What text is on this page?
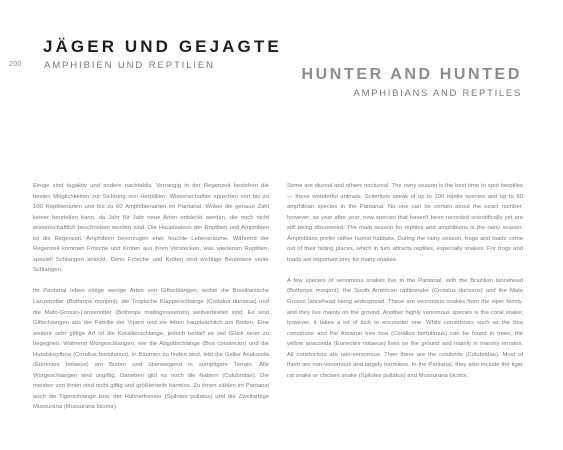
200
JÄGER UND GEJAGTE
AMPHIBIEN UND REPTILIEN
HUNTER AND HUNTED
AMPHIBIANS AND REPTILES

Einige sind tagaktiv und andere nachtaktiv. Vorrangig in der Regenzeit bestehen die besten Möglichkeiten zur Sichtung von Herptilien. Wissenschaftler sprechen von bis zu 100 Reptilienarten und bis zu 60 Amphibienarten im Pantanal. Wobei die genaue Zahl keiner beurteilen kann, da Jahr für Jahr neue Arten entdeckt werden, die noch nicht wissenschaftlich beschrieben worden sind. Die Hauptsaison der Reptilien und Amphibien ist die Regenzeit. Amphibien bevorzugen eher feuchte Lebensräume. Während der Regenzeit kommen Frösche und Kröten aus ihren Verstecken, was wiederum Reptilien, speziell Schlangen anlockt. Denn Frösche und Kröten sind wichtige Beutetiere vieler Schlangen.

Im Pantanal leben einige wenige Arten von Giftschlangen, wobei die Brasilianische Lanzenotter (Bothrops moojeni), die Tropische Klapperschlange (Crotalus durissus) und die Mato-Grosso-Lanzenotter (Bothrops mattogrossensis) weitverbreitet sind. Es sind Giftschlangen aus der Familie der Vipern und sie leben hauptsächlich am Boden. Eine weitere sehr giftige Art ist die Korallenschlange, jedoch bedarf es viel Glück einer zu begegnen. Während Würgeschlangen, wie die Abgottschlange (Boa constrictor) und die Hundskopfboa (Corallus hortulanus), in Bäumen zu finden sind, lebt die Gelbe Anakonda (Eunectes notaeus) am Boden und überwiegend in sumpfigem Terrain. Alle Würgeschlangen sind ungiftig. Daneben gibt es noch die Nattern (Colubridae). Die meisten von ihnen sind nicht giftig und größtenteils harmlos. Zu ihnen zählen im Pantanal auch die Tigerschlange bzw. der Hühnerfresser (Spilotes pullatus) und die Zweifarbige Mussurana (Mussurana bicolor).

Some are diurnal and others nocturnal. The rainy season is the best time to spot herptiles — these wonderful animals. Scientists speak of up to 100 reptile species and up to 60 amphibian species in the Pantanal. No one can be certain about the exact number, however, as year after year, new species that haven't been recorded scientifically yet are still being discovered. The main season for reptiles and amphibians is the rainy season. Amphibians prefer rather humid habitats. During the rainy season, frogs and toads come out of their hiding places, which in turn attracts reptiles, especially snakes. For frogs and toads are important prey for many snakes.

A few species of venomous snakes live in the Pantanal, with the Brazilian lancehead (Bothrops moojeni), the South American rattlesnake (Crotalus durissus) and the Mato Grosso lancehead being widespread. These are venomous snakes from the viper family, and they live mainly on the ground. Another highly venomous species is the coral snake; however, it takes a lot of luck to encounter one. While constrictors such as the boa constrictor and the Amazon tree boa (Corallus hortulanus) can be found in trees, the yellow anaconda (Eunectes notaeus) lives on the ground and mainly in marshy terrains. All constrictors are non-venomous. Then there are the colubrids (Colubridae). Most of them are non-venomous and largely harmless. In the Pantanal, they also include the tiger rat snake or chicken snake (Spilotes pullatus) and Mussurana bicolor.
